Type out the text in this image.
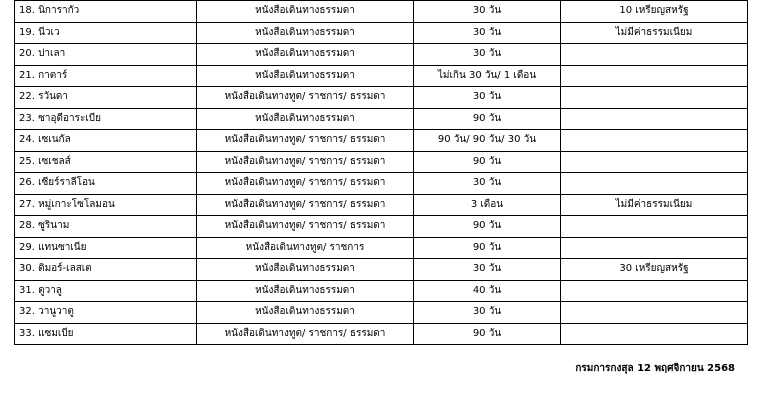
18. นิการากัว	หนังสือเดินทางธรรมดา	30 วัน	10 เหรียญสหรัฐ
19. นีวเว	หนังสือเดินทางธรรมดา	30 วัน	ไม่มีค่าธรรมเนียม
20. ปาเลา	หนังสือเดินทางธรรมดา	30 วัน	
21. กาตาร์	หนังสือเดินทางธรรมดา	ไม่เกิน 30 วัน/ 1 เดือน	
22. รวันดา	หนังสือเดินทางทูต/ ราชการ/ ธรรมดา	30 วัน	
23. ซาอุดีอาระเบีย	หนังสือเดินทางธรรมดา	90 วัน	
24. เซเนกัล	หนังสือเดินทางทูต/ ราชการ/ ธรรมดา	90 วัน/ 90 วัน/ 30 วัน	
25. เซเชลส์	หนังสือเดินทางทูต/ ราชการ/ ธรรมดา	90 วัน	
26. เซียร์ราลีโอน	หนังสือเดินทางทูต/ ราชการ/ ธรรมดา	30 วัน	
27. หมู่เกาะโซโลมอน	หนังสือเดินทางทูต/ ราชการ/ ธรรมดา	3 เดือน	ไม่มีค่าธรรมเนียม
28. ซูรินาม	หนังสือเดินทางทูต/ ราชการ/ ธรรมดา	90 วัน	
29. แทนซาเนีย	หนังสือเดินทางทูต/ ราชการ	90 วัน	
30. ติมอร์-เลสเต	หนังสือเดินทางธรรมดา	30 วัน	30 เหรียญสหรัฐ
31. ตูวาลู	หนังสือเดินทางธรรมดา	40 วัน	
32. วานูวาตู	หนังสือเดินทางธรรมดา	30 วัน	
33. แซมเบีย	หนังสือเดินทางทูต/ ราชการ/ ธรรมดา	90 วัน	
กรมการกงสุล 12 พฤศจิกายน 2568
